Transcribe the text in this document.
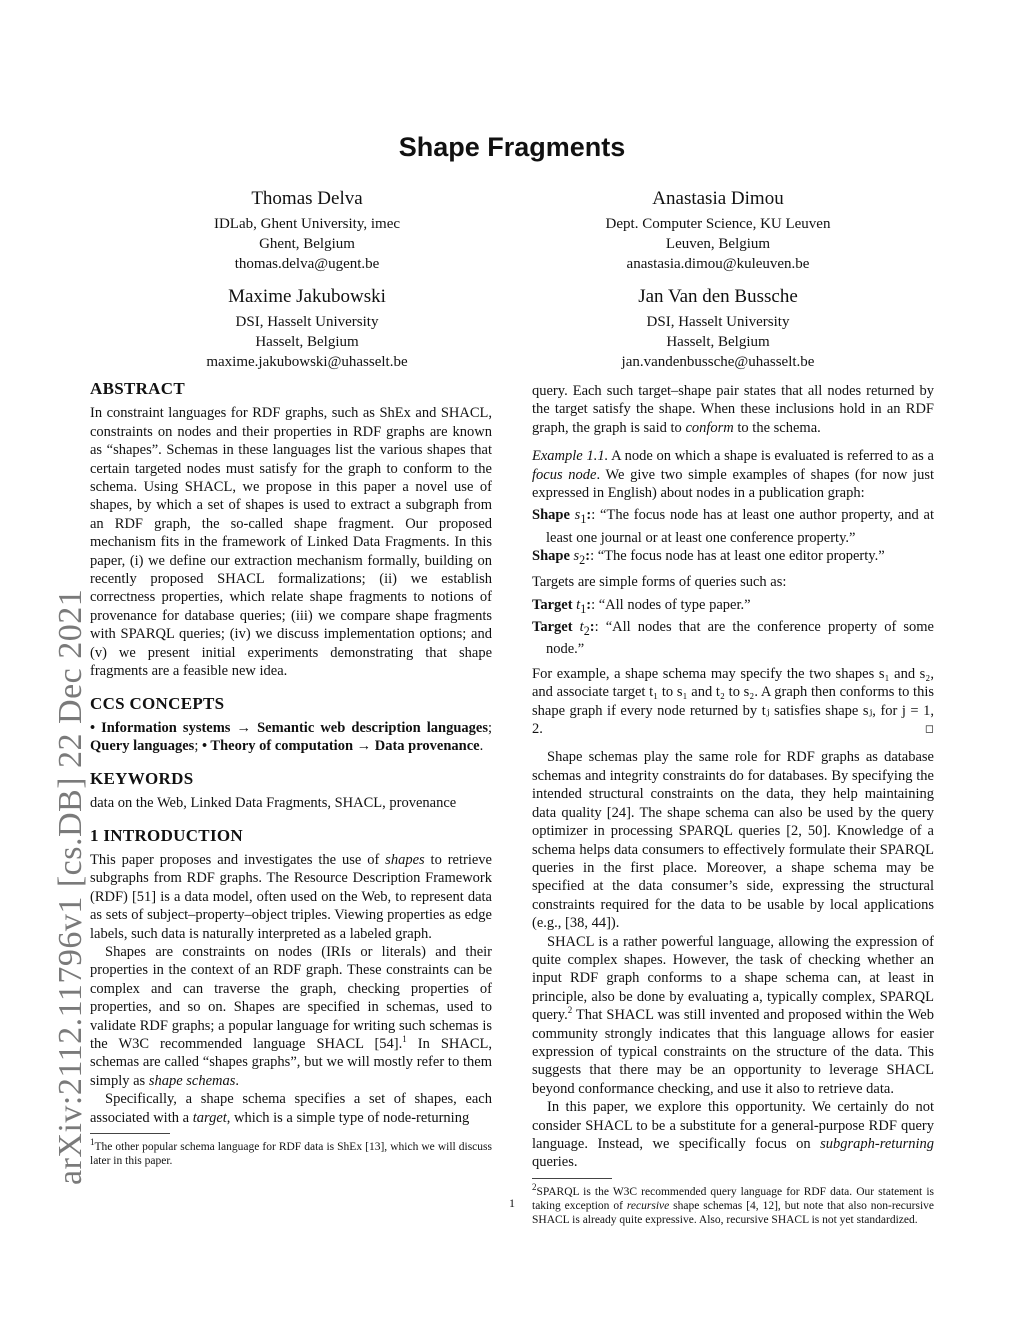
arXiv:2112.11796v1 [cs.DB] 22 Dec 2021
Shape Fragments
Thomas Delva
IDLab, Ghent University, imec
Ghent, Belgium
thomas.delva@ugent.be
Anastasia Dimou
Dept. Computer Science, KU Leuven
Leuven, Belgium
anastasia.dimou@kuleuven.be
Maxime Jakubowski
DSI, Hasselt University
Hasselt, Belgium
maxime.jakubowski@uhasselt.be
Jan Van den Bussche
DSI, Hasselt University
Hasselt, Belgium
jan.vandenbussche@uhasselt.be
ABSTRACT

In constraint languages for RDF graphs, such as ShEx and SHACL, constraints on nodes and their properties in RDF graphs are known as “shapes”. Schemas in these languages list the various shapes that certain targeted nodes must satisfy for the graph to conform to the schema. Using SHACL, we propose in this paper a novel use of shapes, by which a set of shapes is used to extract a subgraph from an RDF graph, the so-called shape fragment. Our proposed mechanism fits in the framework of Linked Data Fragments. In this paper, (i) we define our extraction mechanism formally, building on recently proposed SHACL formalizations; (ii) we establish correctness properties, which relate shape fragments to notions of provenance for database queries; (iii) we compare shape fragments with SPARQL queries; (iv) we discuss implementation options; and (v) we present initial experiments demonstrating that shape fragments are a feasible new idea.

CCS CONCEPTS

• Information systems → Semantic web description languages; Query languages; • Theory of computation → Data provenance.

KEYWORDS

data on the Web, Linked Data Fragments, SHACL, provenance

1 INTRODUCTION

This paper proposes and investigates the use of shapes to retrieve subgraphs from RDF graphs. The Resource Description Framework (RDF) [51] is a data model, often used on the Web, to represent data as sets of subject–property–object triples. Viewing properties as edge labels, such data is naturally interpreted as a labeled graph.

Shapes are constraints on nodes (IRIs or literals) and their properties in the context of an RDF graph. These constraints can be complex and can traverse the graph, checking properties of properties, and so on. Shapes are specified in schemas, used to validate RDF graphs; a popular language for writing such schemas is the W3C recommended language SHACL [54].$^1$ In SHACL, schemas are called “shapes graphs”, but we will mostly refer to them simply as shape schemas.

Specifically, a shape schema specifies a set of shapes, each associated with a target, which is a simple type of node-returning

$^1$The other popular schema language for RDF data is ShEx [13], which we will discuss later in this paper.

query. Each such target–shape pair states that all nodes returned by the target satisfy the shape. When these inclusions hold in an RDF graph, the graph is said to conform to the schema.

Example 1.1. A node on which a shape is evaluated is referred to as a focus node. We give two simple examples of shapes (for now just expressed in English) about nodes in a publication graph:

Shape $s_1$:: “The focus node has at least one author property, and at least one journal or at least one conference property.”

Shape $s_2$:: “The focus node has at least one editor property.”

Targets are simple forms of queries such as:

Target $t_1$:: “All nodes of type paper.”

Target $t_2$:: “All nodes that are the conference property of some node.”

For example, a shape schema may specify the two shapes s₁ and s₂, and associate target t₁ to s₁ and t₂ to s₂. A graph then conforms to this shape graph if every node returned by tⱼ satisfies shape sⱼ, for j = 1, 2.	◻

Shape schemas play the same role for RDF graphs as database schemas and integrity constraints do for databases. By specifying the intended structural constraints on the data, they help maintaining data quality [24]. The shape schema can also be used by the query optimizer in processing SPARQL queries [2, 50]. Knowledge of a schema helps data consumers to effectively formulate their SPARQL queries in the first place. Moreover, a shape schema may be specified at the data consumer’s side, expressing the structural constraints required for the data to be usable by local applications (e.g., [38, 44]).

SHACL is a rather powerful language, allowing the expression of quite complex shapes. However, the task of checking whether an input RDF graph conforms to a shape schema can, at least in principle, also be done by evaluating a, typically complex, SPARQL query.$^2$ That SHACL was still invented and proposed within the Web community strongly indicates that this language allows for easier expression of typical constraints on the structure of the data. This suggests that there may be an opportunity to leverage SHACL beyond conformance checking, and use it also to retrieve data.

In this paper, we explore this opportunity. We certainly do not consider SHACL to be a substitute for a general-purpose RDF query language. Instead, we specifically focus on subgraph-returning queries.

$^2$SPARQL is the W3C recommended query language for RDF data. Our statement is taking exception of recursive shape schemas [4, 12], but note that also non-recursive SHACL is already quite expressive. Also, recursive SHACL is not yet standardized.

1
